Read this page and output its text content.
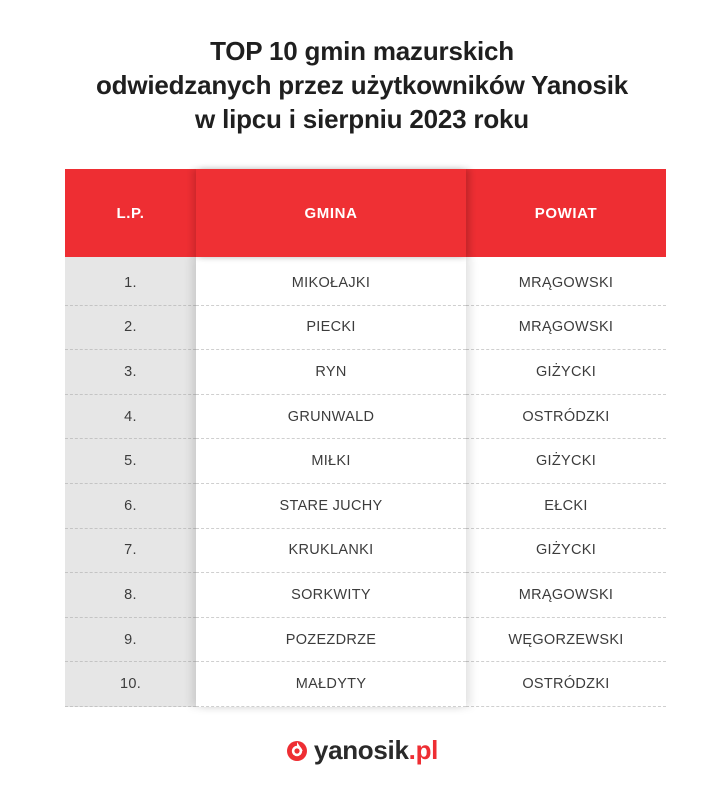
TOP 10 gmin mazurskich
odwiedzanych przez użytkowników Yanosik
w lipcu i sierpniu 2023 roku
L.P.	GMINA	POWIAT
1.
2.
3.
4.
5.
6.
7.
8.
9.
10.
MIKOŁAJKI
PIECKI
RYN
GRUNWALD
MIŁKI
STARE JUCHY
KRUKLANKI
SORKWITY
POZEZDRZE
MAŁDYTY
MRĄGOWSKI
MRĄGOWSKI
GIŻYCKI
OSTRÓDZKI
GIŻYCKI
EŁCKI
GIŻYCKI
MRĄGOWSKI
WĘGORZEWSKI
OSTRÓDZKI
yanosik.pl
